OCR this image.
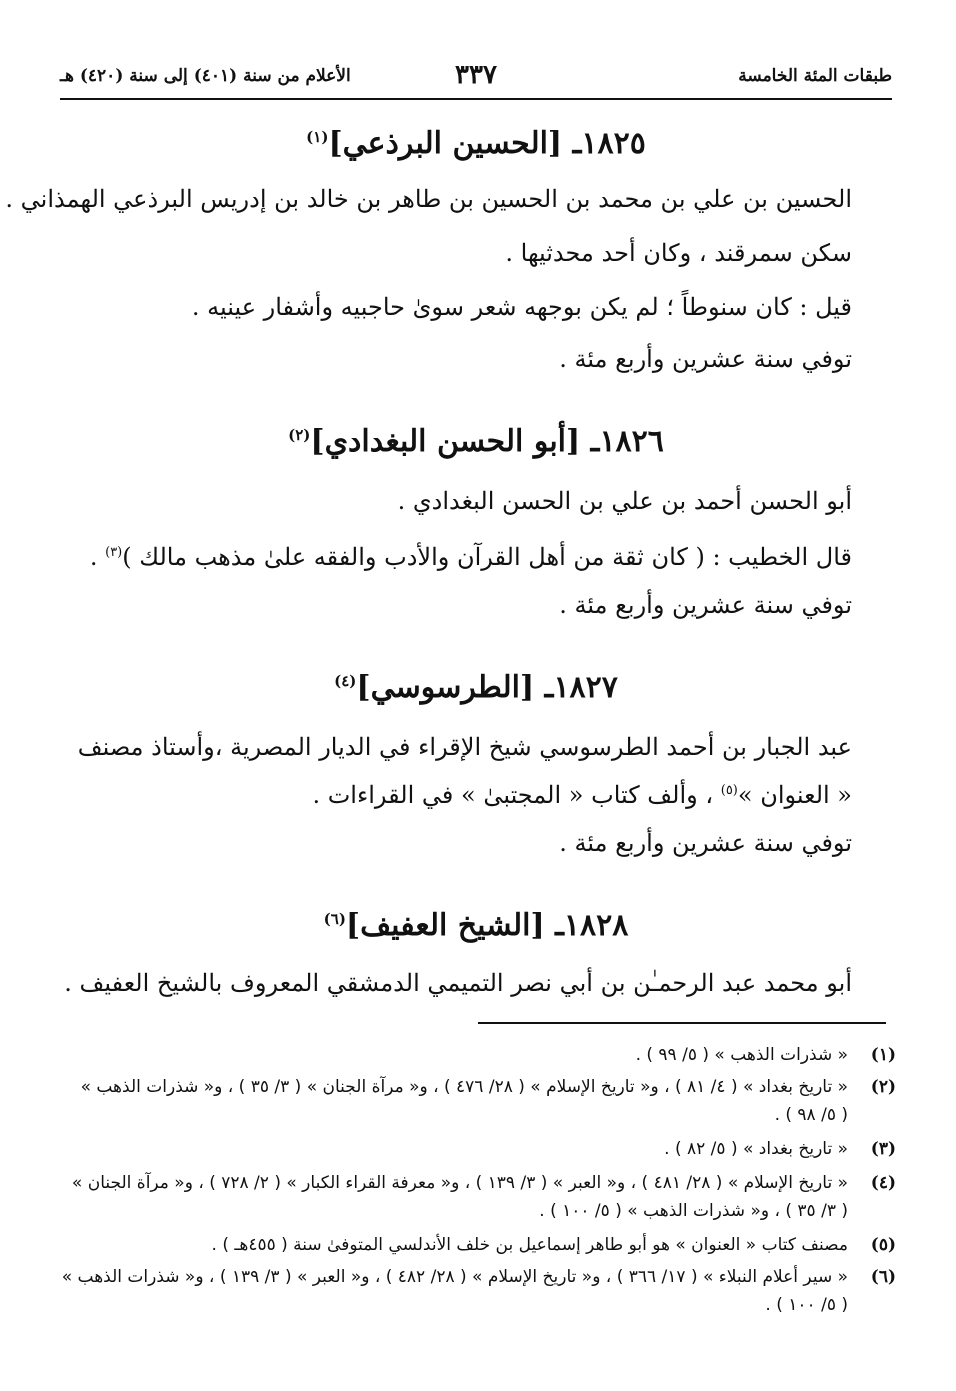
طبقات المئة الخامسة
٣٣٧
الأعلام من سنة (٤٠١) إلى سنة (٤٢٠) هـ
١٨٢٥ـ [الحسين البرذعي]$^{(١)}$
الحسين بن علي بن محمد بن الحسين بن طاهر بن خالد بن إدريس البرذعي الهمذاني .
سكن سمرقند ، وكان أحد محدثيها .
قيل : كان سنوطاً ؛ لم يكن بوجهه شعر سوىٰ حاجبيه وأشفار عينيه .
توفي سنة عشرين وأربع مئة .
١٨٢٦ـ [أبو الحسن البغدادي]$^{(٢)}$
أبو الحسن أحمد بن علي بن الحسن البغدادي .
قال الخطيب : ( كان ثقة من أهل القرآن والأدب والفقه علىٰ مذهب مالك )$^{(٣)}$ .
توفي سنة عشرين وأربع مئة .
١٨٢٧ـ [الطرسوسي]$^{(٤)}$
عبد الجبار بن أحمد الطرسوسي شيخ الإقراء في الديار المصرية ،وأستاذ مصنف
« العنوان »$^{(٥)}$ ، وألف كتاب « المجتبىٰ » في القراءات .
توفي سنة عشرين وأربع مئة .
١٨٢٨ـ [الشيخ العفيف]$^{(٦)}$
أبو محمد عبد الرحمـٰن بن أبي نصر التميمي الدمشقي المعروف بالشيخ العفيف .
(١)
« شذرات الذهب » ( ٥/ ٩٩ ) .
(٢)
« تاريخ بغداد » ( ٤/ ٨١ ) ، و« تاريخ الإسلام » ( ٢٨/ ٤٧٦ ) ، و« مرآة الجنان » ( ٣/ ٣٥ ) ، و« شذرات الذهب »
( ٥/ ٩٨ ) .
(٣)
« تاريخ بغداد » ( ٥/ ٨٢ ) .
(٤)
« تاريخ الإسلام » ( ٢٨/ ٤٨١ ) ، و« العبر » ( ٣/ ١٣٩ ) ، و« معرفة القراء الكبار » ( ٢/ ٧٢٨ ) ، و« مرآة الجنان »
( ٣/ ٣٥ ) ، و« شذرات الذهب » ( ٥/ ١٠٠ ) .
(٥)
مصنف كتاب « العنوان » هو أبو طاهر إسماعيل بن خلف الأندلسي المتوفىٰ سنة ( ٤٥٥هـ ) .
(٦)
« سير أعلام النبلاء » ( ١٧/ ٣٦٦ ) ، و« تاريخ الإسلام » ( ٢٨/ ٤٨٢ ) ، و« العبر » ( ٣/ ١٣٩ ) ، و« شذرات الذهب »
( ٥/ ١٠٠ ) .
